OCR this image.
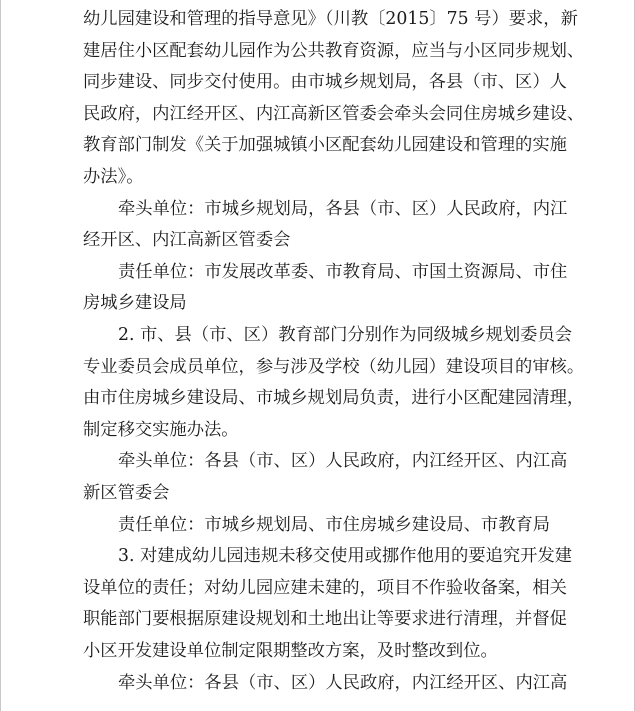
幼儿园建设和管理的指导意见》（川教〔2015〕75 号）要求，新
建居住小区配套幼儿园作为公共教育资源，应当与小区同步规划、
同步建设、同步交付使用。由市城乡规划局，各县（市、区）人
民政府，内江经开区、内江高新区管委会牵头会同住房城乡建设、
教育部门制发《关于加强城镇小区配套幼儿园建设和管理的实施
办法》。
牵头单位：市城乡规划局，各县（市、区）人民政府，内江
经开区、内江高新区管委会
责任单位：市发展改革委、市教育局、市国土资源局、市住
房城乡建设局
2. 市、县（市、区）教育部门分别作为同级城乡规划委员会
专业委员会成员单位，参与涉及学校（幼儿园）建设项目的审核。
由市住房城乡建设局、市城乡规划局负责，进行小区配建园清理，
制定移交实施办法。
牵头单位：各县（市、区）人民政府，内江经开区、内江高
新区管委会
责任单位：市城乡规划局、市住房城乡建设局、市教育局
3. 对建成幼儿园违规未移交使用或挪作他用的要追究开发建
设单位的责任；对幼儿园应建未建的，项目不作验收备案，相关
职能部门要根据原建设规划和土地出让等要求进行清理，并督促
小区开发建设单位制定限期整改方案，及时整改到位。
牵头单位：各县（市、区）人民政府，内江经开区、内江高
